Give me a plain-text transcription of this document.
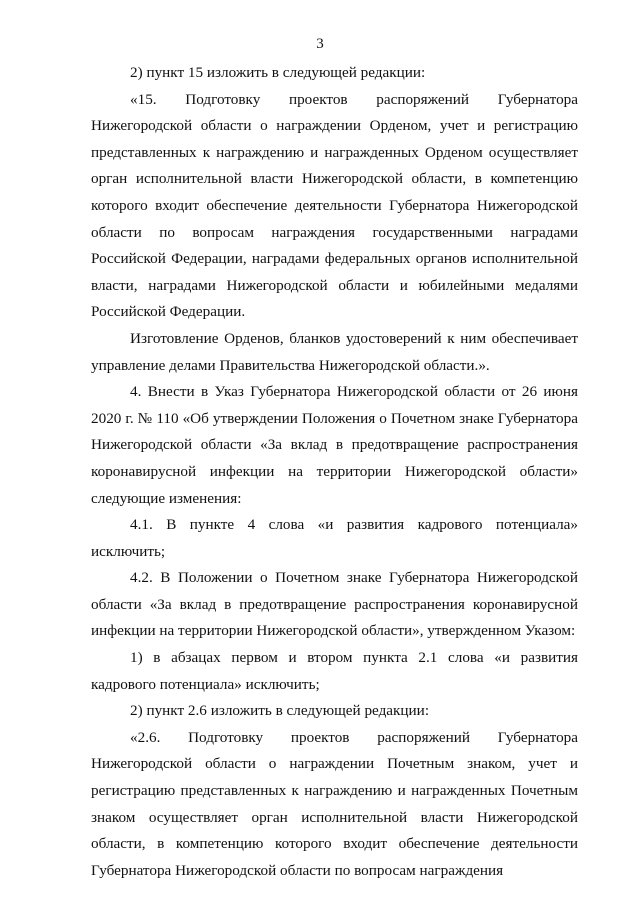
3

2) пункт 15 изложить в следующей редакции:

«15. Подготовку проектов распоряжений Губернатора Нижегородской области о награждении Орденом, учет и регистрацию представленных к награждению и награжденных Орденом осуществляет орган исполнительной власти Нижегородской области, в компетенцию которого входит обеспечение деятельности Губернатора Нижегородской области по вопросам награждения государственными наградами Российской Федерации, наградами федеральных органов исполнительной власти, наградами Нижегородской области и юбилейными медалями Российской Федерации.

Изготовление Орденов, бланков удостоверений к ним обеспечивает управление делами Правительства Нижегородской области.».

4. Внести в Указ Губернатора Нижегородской области от 26 июня 2020 г. № 110 «Об утверждении Положения о Почетном знаке Губернатора Нижегородской области «За вклад в предотвращение распространения коронавирусной инфекции на территории Нижегородской области» следующие изменения:

4.1. В пункте 4 слова «и развития кадрового потенциала» исключить;

4.2. В Положении о Почетном знаке Губернатора Нижегородской области «За вклад в предотвращение распространения коронавирусной инфекции на территории Нижегородской области», утвержденном Указом:

1) в абзацах первом и втором пункта 2.1 слова «и развития кадрового потенциала» исключить;

2) пункт 2.6 изложить в следующей редакции:

«2.6. Подготовку проектов распоряжений Губернатора Нижегородской области о награждении Почетным знаком, учет и регистрацию представленных к награждению и награжденных Почетным знаком осуществляет орган исполнительной власти Нижегородской области, в компетенцию которого входит обеспечение деятельности Губернатора Нижегородской области по вопросам награждения
